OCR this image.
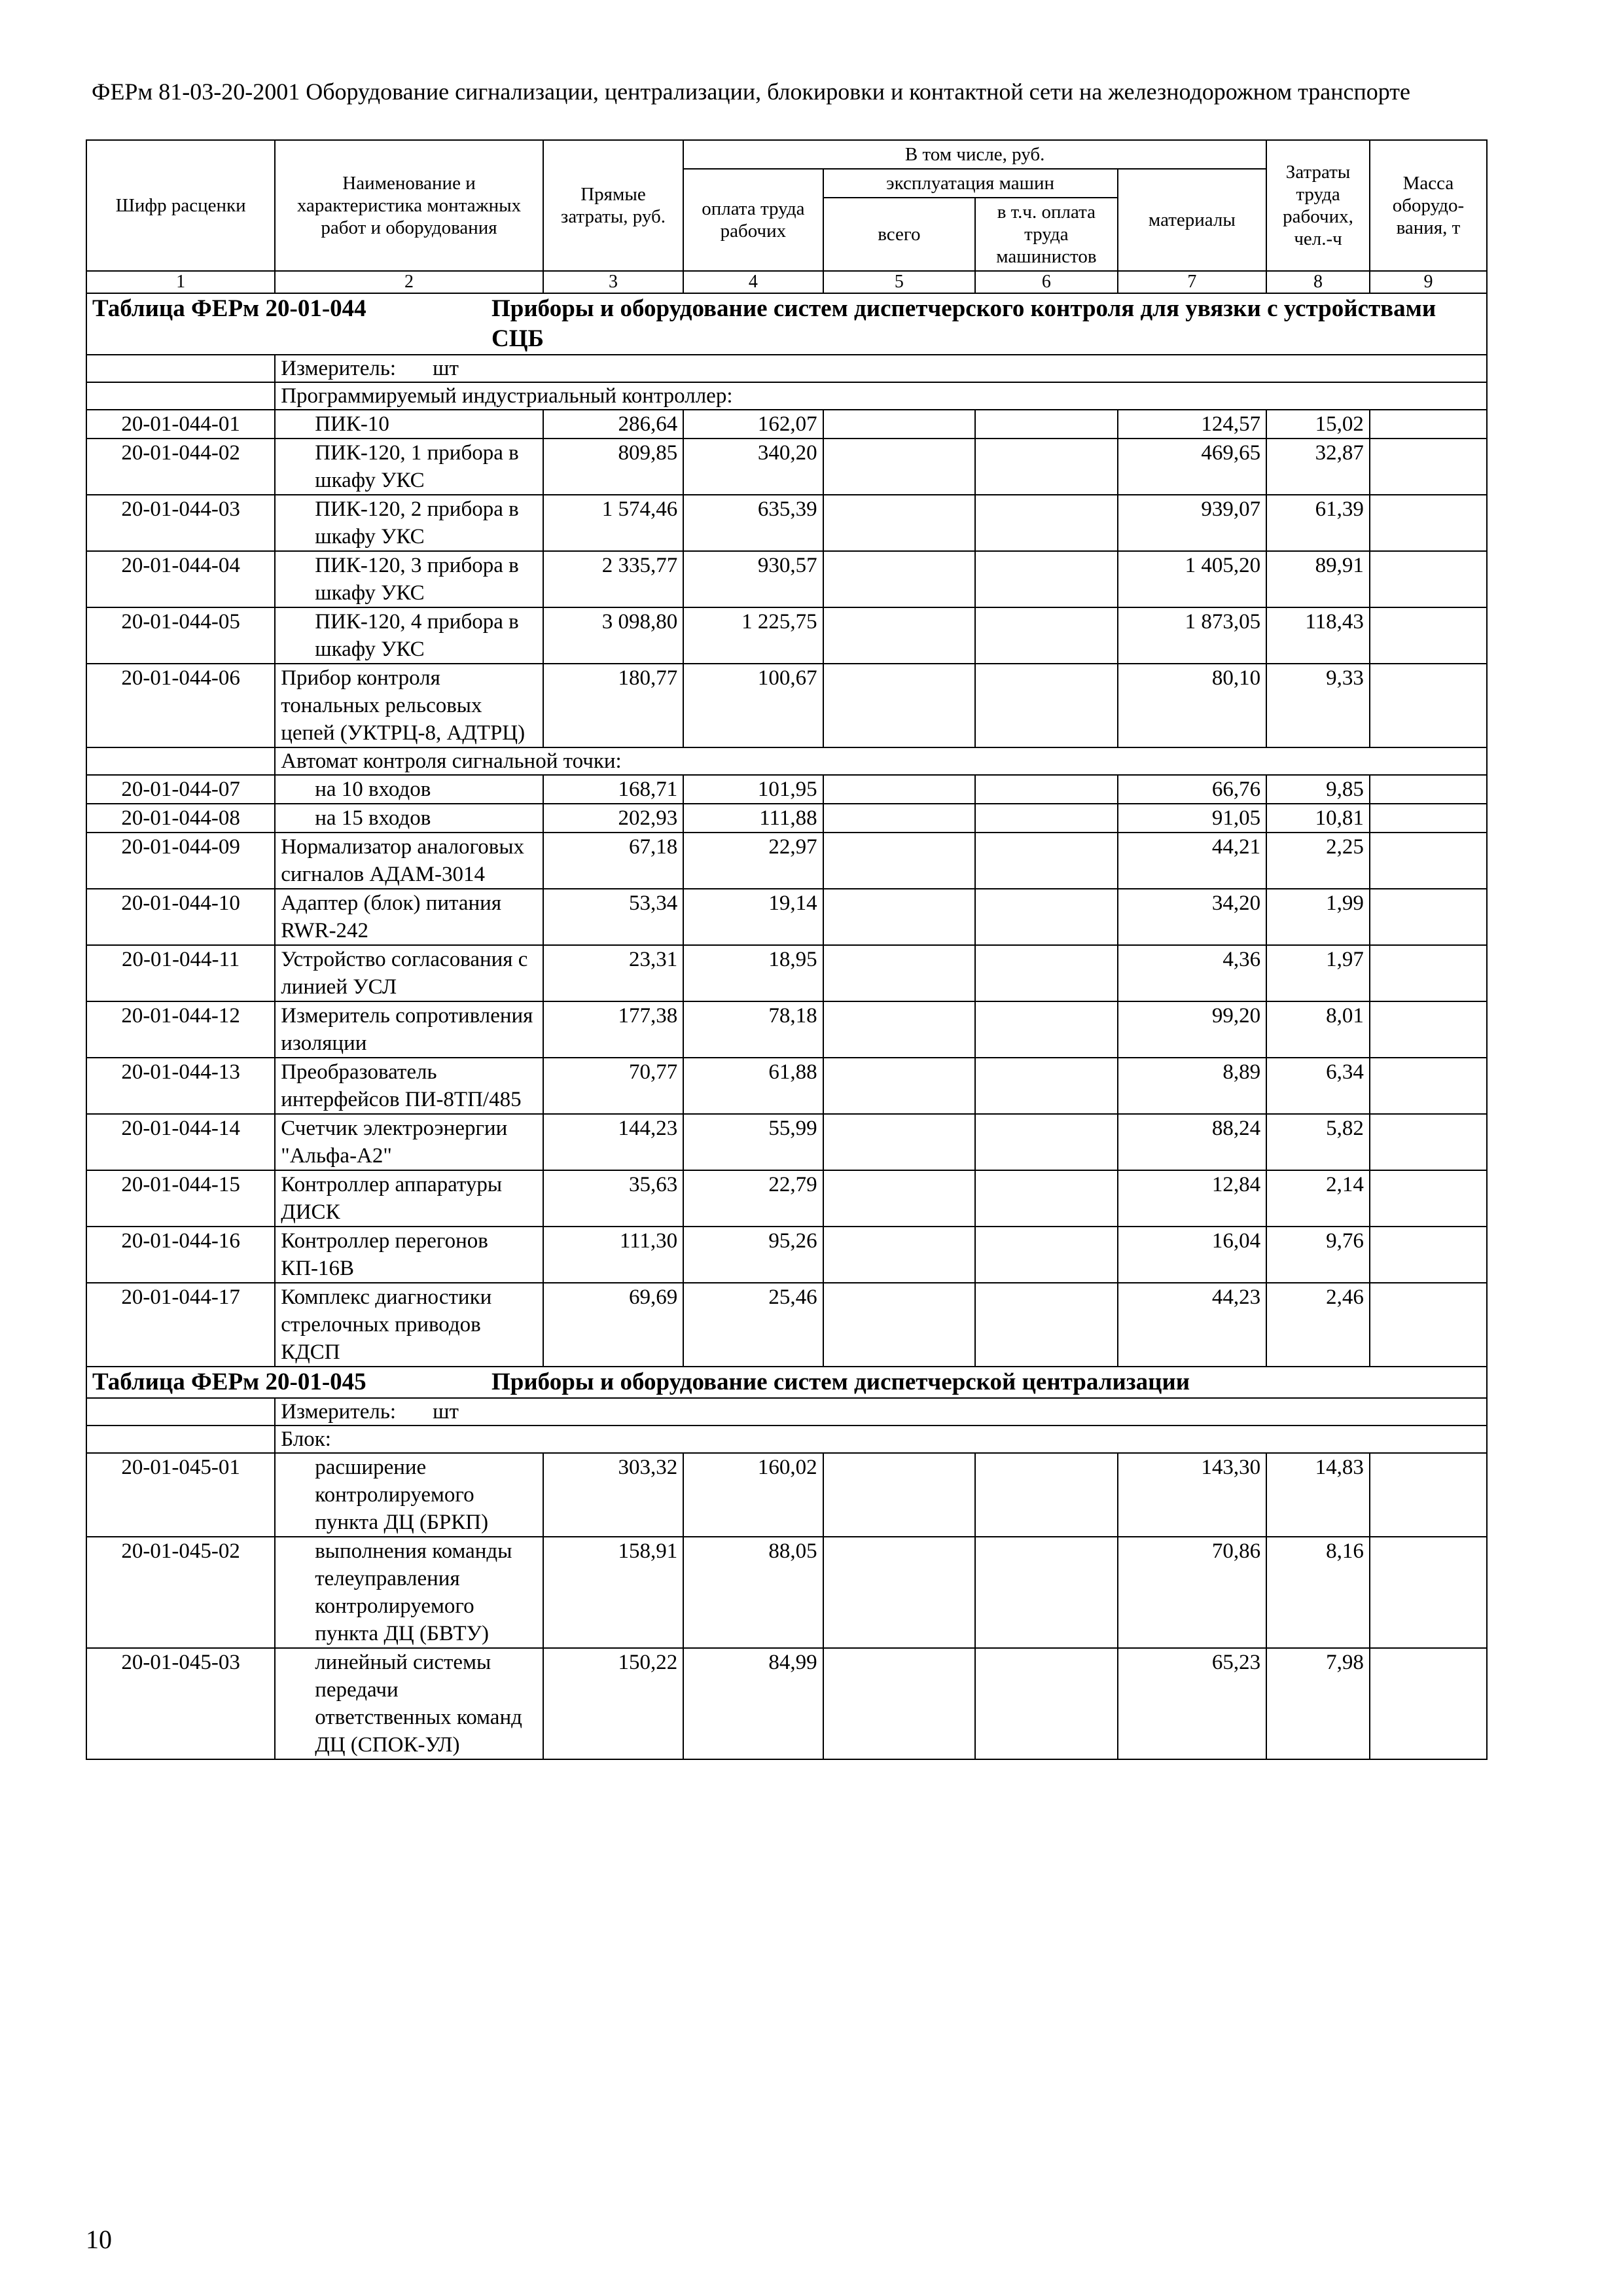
ФЕРм 81-03-20-2001 Оборудование сигнализации, централизации, блокировки и контактной сети на железнодорожном транспорте
Шифр расценки	Наименование и характеристика монтажных работ и оборудования	Прямые затраты, руб.	В том числе, руб.				Затраты труда рабочих, чел.-ч	Масса оборудо-вания, т
			оплата труда рабочих	эксплуатация машин		материалы		
				всего	в т.ч. оплата труда машинистов			
1	2	3	4	5	6	7	8	9

Таблица ФЕРм 20-01-044 Приборы и оборудование систем диспетчерского контроля для увязки с устройствами СЦБ								

	Измеритель: шт							
	Программируемый индустриальный контроллер:							
20-01-044-01	ПИК-10	286,64	162,07			124,57	15,02	
20-01-044-02	ПИК-120, 1 прибора в шкафу УКС	809,85	340,20			469,65	32,87	
20-01-044-03	ПИК-120, 2 прибора в шкафу УКС	1 574,46	635,39			939,07	61,39	
20-01-044-04	ПИК-120, 3 прибора в шкафу УКС	2 335,77	930,57			1 405,20	89,91	
20-01-044-05	ПИК-120, 4 прибора в шкафу УКС	3 098,80	1 225,75			1 873,05	118,43	
20-01-044-06	Прибор контроля тональных рельсовых цепей (УКТРЦ-8, АДТРЦ)	180,77	100,67			80,10	9,33	
	Автомат контроля сигнальной точки:							
20-01-044-07	на 10 входов	168,71	101,95			66,76	9,85	
20-01-044-08	на 15 входов	202,93	111,88			91,05	10,81	
20-01-044-09	Нормализатор аналоговых сигналов АДАМ-3014	67,18	22,97			44,21	2,25	
20-01-044-10	Адаптер (блок) питания RWR-242	53,34	19,14			34,20	1,99	
20-01-044-11	Устройство согласования с линией УСЛ	23,31	18,95			4,36	1,97	
20-01-044-12	Измеритель сопротивления изоляции	177,38	78,18			99,20	8,01	
20-01-044-13	Преобразователь интерфейсов ПИ-8ТП/485	70,77	61,88			8,89	6,34	
20-01-044-14	Счетчик электроэнергии "Альфа-А2"	144,23	55,99			88,24	5,82	
20-01-044-15	Контроллер аппаратуры ДИСК	35,63	22,79			12,84	2,14	
20-01-044-16	Контроллер перегонов КП-16В	111,30	95,26			16,04	9,76	
20-01-044-17	Комплекс диагностики стрелочных приводов КДСП	69,69	25,46			44,23	2,46	

Таблица ФЕРм 20-01-045 Приборы и оборудование систем диспетчерской централизации								

	Измеритель: шт							
	Блок:							
20-01-045-01	расширение контролируемого пункта ДЦ (БРКП)	303,32	160,02			143,30	14,83	
20-01-045-02	выполнения команды телеуправления контролируемого пункта ДЦ (БВТУ)	158,91	88,05			70,86	8,16	
20-01-045-03	линейный системы передачи ответственных команд ДЦ (СПОК-УЛ)	150,22	84,99			65,23	7,98	
10
